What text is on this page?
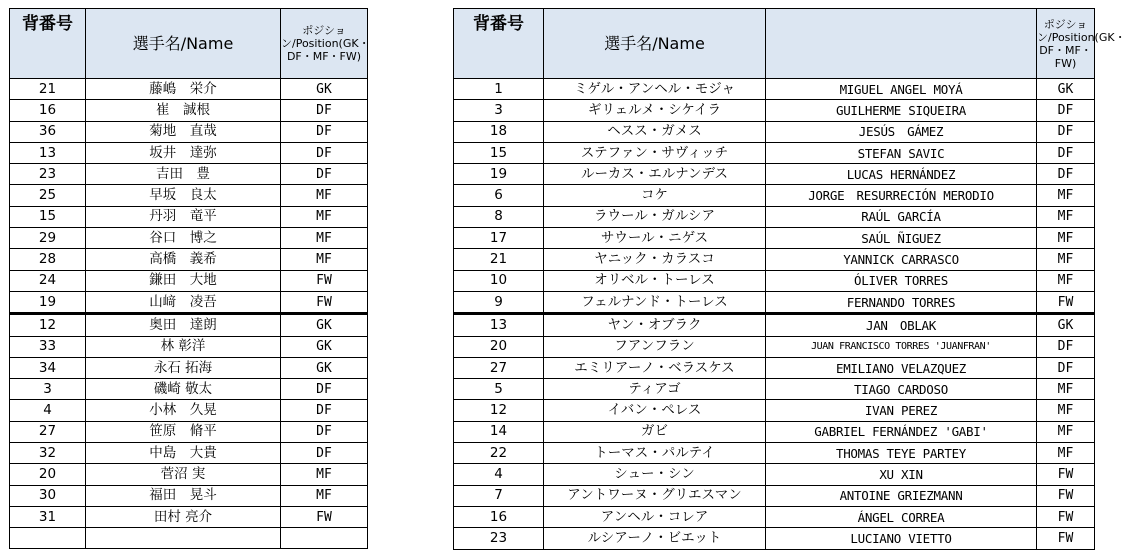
背番号	選手名/Name	ポジション/Position(GK・DF・MF・FW)
21	藤嶋　栄介	GK
16	崔　誠根	DF
36	菊地　直哉	DF
13	坂井　達弥	DF
23	吉田　豊	DF
25	早坂　良太	MF
15	丹羽　竜平	MF
29	谷口　博之	MF
28	高橋　義希	MF
24	鎌田　大地	FW
19	山﨑　凌吾	FW
12	奥田　達朗	GK
33	林 彰洋	GK
34	永石 拓海	GK
3	磯崎 敬太	DF
4	小林　久晃	DF
27	笹原　脩平	DF
32	中島　大貴	DF
20	菅沼 実	MF
30	福田　晃斗	MF
31	田村 亮介	FW

背番号	選手名/Name		ポジション/Position(GK・DF・MF・FW)
1	ミゲル・アンヘル・モジャ	MIGUEL ANGEL MOYÁ	GK
3	ギリェルメ・シケイラ	GUILHERME SIQUEIRA	DF
18	ヘスス・ガメス	JESÚS　GÁMEZ	DF
15	ステファン・サヴィッチ	STEFAN SAVIC	DF
19	ルーカス・エルナンデス	LUCAS HERNÁNDEZ	DF
6	コケ	JORGE　RESURRECIÓN MERODIO	MF
8	ラウール・ガルシア	RAÚL GARCÍA	MF
17	サウール・ニゲス	SAÚL ÑIGUEZ	MF
21	ヤニック・カラスコ	YANNICK CARRASCO	MF
10	オリベル・トーレス	ÓLIVER TORRES	MF
9	フェルナンド・トーレス	FERNANDO TORRES	FW
13	ヤン・オブラク	JAN　OBLAK	GK
20	フアンフラン	JUAN FRANCISCO TORRES 'JUANFRAN'	DF
27	エミリアーノ・ベラスケス	EMILIANO VELAZQUEZ	DF
5	ティアゴ	TIAGO CARDOSO	MF
12	イバン・ペレス	IVAN PEREZ	MF
14	ガビ	GABRIEL FERNÁNDEZ 'GABI'	MF
22	トーマス・パルテイ	THOMAS TEYE PARTEY	MF
4	シュー・シン	XU XIN	FW
7	アントワーヌ・グリエスマン	ANTOINE GRIEZMANN	FW
16	アンヘル・コレア	ÁNGEL CORREA	FW
23	ルシアーノ・ビエット	LUCIANO VIETTO	FW
